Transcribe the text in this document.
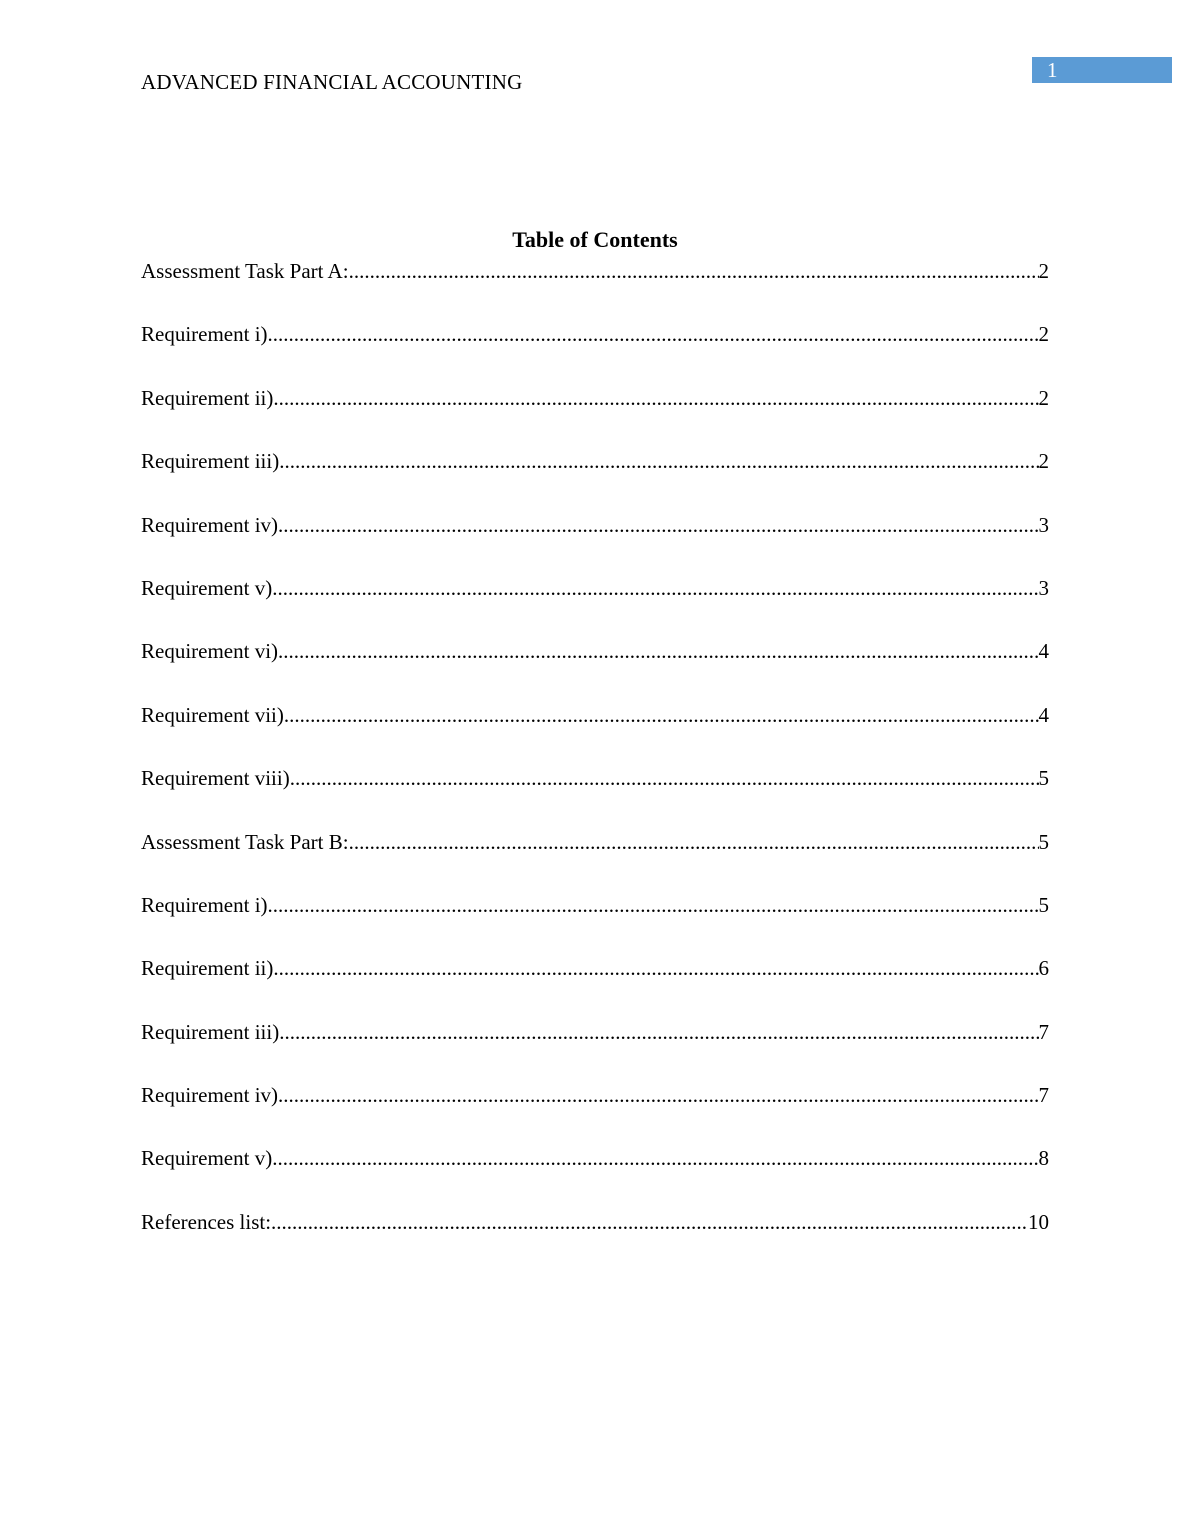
ADVANCED FINANCIAL ACCOUNTING	1
Table of Contents
Assessment Task Part A: .....	2
Requirement i) .....	2
Requirement ii) .....	2
Requirement iii) .....	2
Requirement iv) .....	3
Requirement v) .....	3
Requirement vi) .....	4
Requirement vii) .....	4
Requirement viii) .....	5
Assessment Task Part B: .....	5
Requirement i) .....	5
Requirement ii) .....	6
Requirement iii) .....	7
Requirement iv) .....	7
Requirement v) .....	8
References list: .....	10
